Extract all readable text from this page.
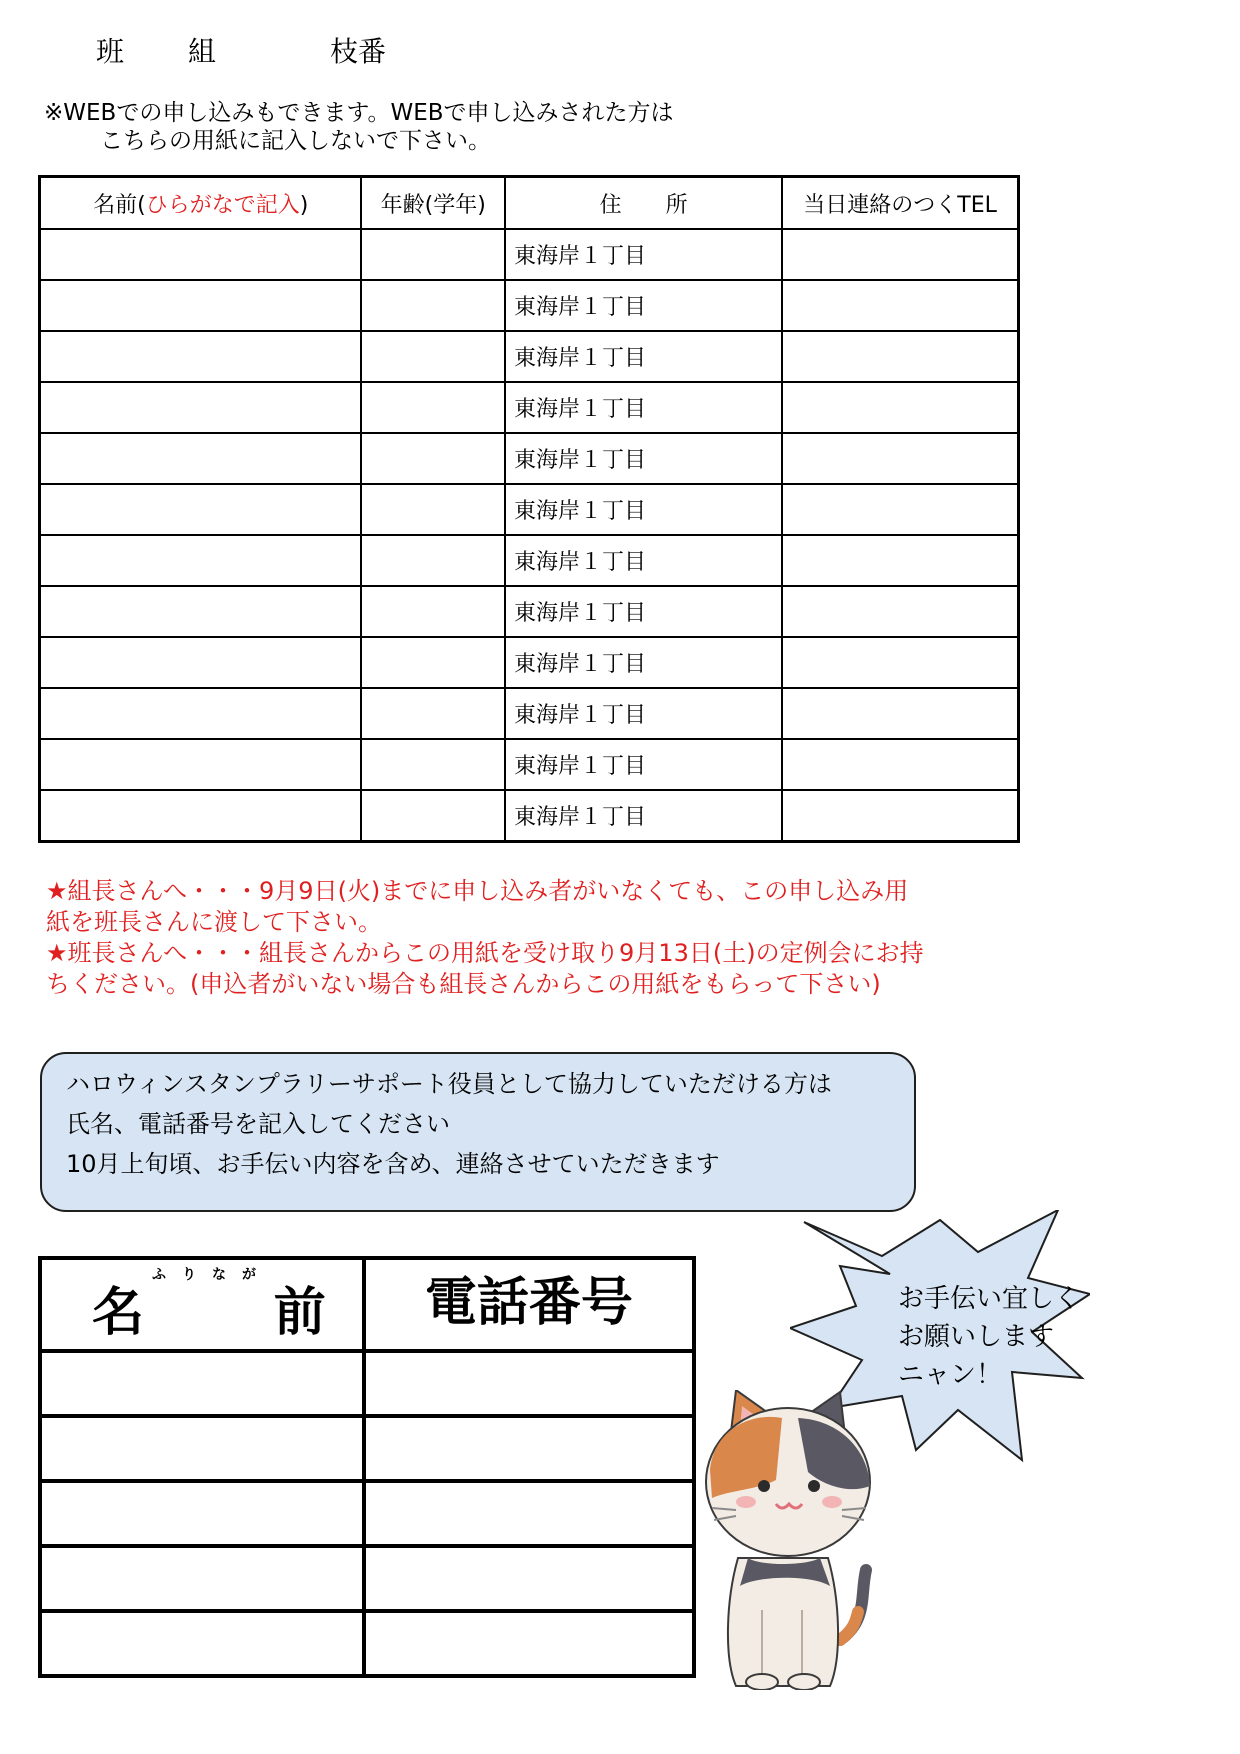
班 組	枝番
※WEBでの申し込みもできます。WEBで申し込みされた方は
こちらの用紙に記入しないで下さい。
名前(ひらがなで記入)	年齢(学年)	住　　所	当日連絡のつくTEL
		東海岸１丁目	
		東海岸１丁目	
		東海岸１丁目	
		東海岸１丁目	
		東海岸１丁目	
		東海岸１丁目	
		東海岸１丁目	
		東海岸１丁目	
		東海岸１丁目	
		東海岸１丁目	
		東海岸１丁目	
		東海岸１丁目	
★組長さんへ・・・9月9日(火)までに申し込み者がいなくても、この申し込み用
紙を班長さんに渡して下さい。
★班長さんへ・・・組長さんからこの用紙を受け取り9月13日(土)の定例会にお持
ちください。(申込者がいない場合も組長さんからこの用紙をもらって下さい)
ハロウィンスタンプラリーサポート役員として協力していただける方は
氏名、電話番号を記入してください
10月上旬頃、お手伝い内容を含め、連絡させていただきます
ふりなが
名 前	電話番号

		お手伝い宜しく
お願いします
ニャン！
